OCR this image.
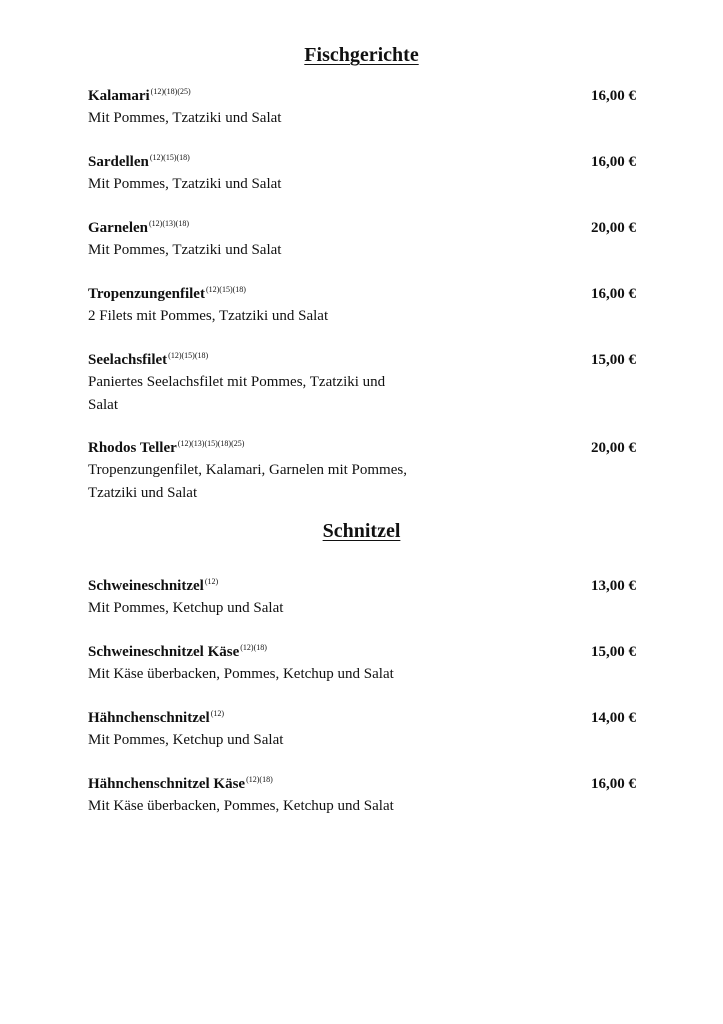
Fischgerichte
Kalamari$^{(12)(18)(25)}$	16,00 €
Mit Pommes, Tzatziki und Salat
Sardellen$^{(12)(15)(18)}$	16,00 €
Mit Pommes, Tzatziki und Salat
Garnelen$^{(12)(13)(18)}$	20,00 €
Mit Pommes, Tzatziki und Salat
Tropenzungenfilet$^{(12)(15)(18)}$	16,00 €
2 Filets mit Pommes, Tzatziki und Salat
Seelachsfilet$^{(12)(15)(18)}$	15,00 €
Paniertes Seelachsfilet mit Pommes, Tzatziki und Salat
Rhodos Teller$^{(12)(13)(15)(18)(25)}$	20,00 €
Tropenzungenfilet, Kalamari, Garnelen mit Pommes, Tzatziki und Salat
Schnitzel
Schweineschnitzel$^{(12)}$	13,00 €
Mit Pommes, Ketchup und Salat
Schweineschnitzel Käse$^{(12)(18)}$	15,00 €
Mit Käse überbacken, Pommes, Ketchup und Salat
Hähnchenschnitzel$^{(12)}$	14,00 €
Mit Pommes, Ketchup und Salat
Hähnchenschnitzel Käse$^{(12)(18)}$	16,00 €
Mit Käse überbacken, Pommes, Ketchup und Salat
